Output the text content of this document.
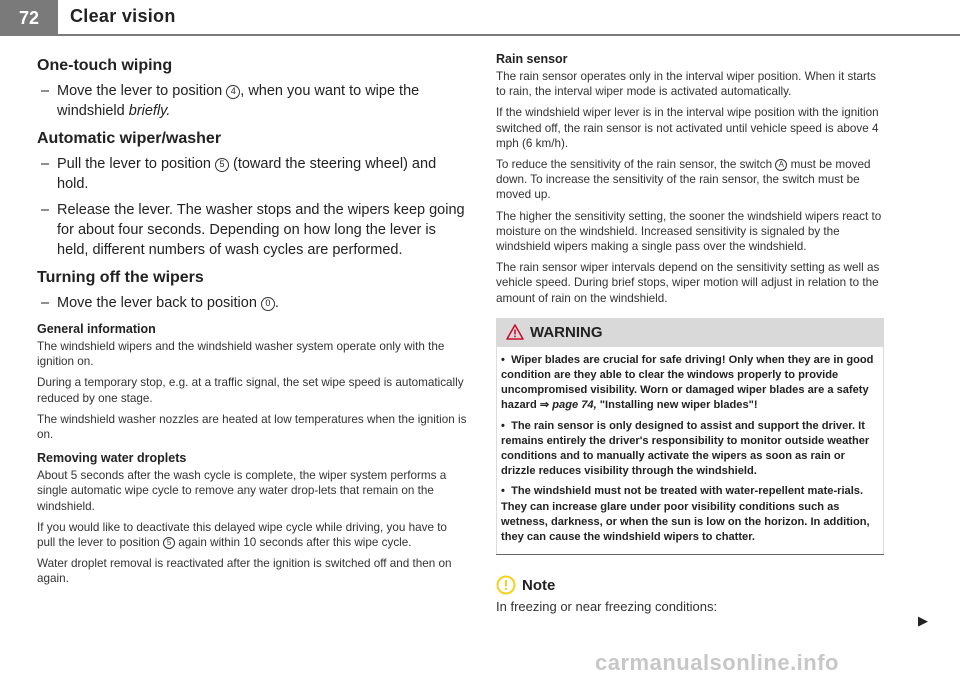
72	Clear vision
One-touch wiping
– Move the lever to position 4 , when you want to wipe the windshield briefly.
Automatic wiper/washer
– Pull the lever to position 5 (toward the steering wheel) and hold.
– Release the lever. The washer stops and the wipers keep going for about four seconds. Depending on how long the lever is held, different numbers of wash cycles are performed.
Turning off the wipers
– Move the lever back to position 0 .
General information

The windshield wipers and the windshield washer system operate only with the ignition on.

During a temporary stop, e.g. at a traffic signal, the set wipe speed is automatically reduced by one stage.

The windshield washer nozzles are heated at low temperatures when the ignition is on.

Removing water droplets

About 5 seconds after the wash cycle is complete, the wiper system performs a single automatic wipe cycle to remove any water drop-lets that remain on the windshield.

If you would like to deactivate this delayed wipe cycle while driving, you have to pull the lever to position 5 again within 10 seconds after this wipe cycle.

Water droplet removal is reactivated after the ignition is switched off and then on again.

Rain sensor

The rain sensor operates only in the interval wiper position. When it starts to rain, the interval wiper mode is activated automatically.

If the windshield wiper lever is in the interval wipe position with the ignition switched off, the rain sensor is not activated until vehicle speed is above 4 mph (6 km/h).

To reduce the sensitivity of the rain sensor, the switch A must be moved down. To increase the sensitivity of the rain sensor, the switch must be moved up.

The higher the sensitivity setting, the sooner the windshield wipers react to moisture on the windshield. Increased sensitivity is signaled by the windshield wipers making a single pass over the windshield.

The rain sensor wiper intervals depend on the sensitivity setting as well as vehicle speed. During brief stops, wiper motion will adjust in relation to the amount of rain on the windshield.

WARNING

•  Wiper blades are crucial for safe driving! Only when they are in good condition are they able to clear the windows properly to provide uncompromised visibility. Worn or damaged wiper blades are a safety hazard ⇒ page 74, "Installing new wiper blades"!

•  The rain sensor is only designed to assist and support the driver. It remains entirely the driver's responsibility to monitor outside weather conditions and to manually activate the wipers as soon as rain or drizzle reduces visibility through the windshield.

•  The windshield must not be treated with water-repellent mate-rials. They can increase glare under poor visibility conditions such as wetness, darkness, or when the sun is low on the horizon. In addition, they can cause the windshield wipers to chatter.

Note
In freezing or near freezing conditions:
▶
carmanualsonline.info
